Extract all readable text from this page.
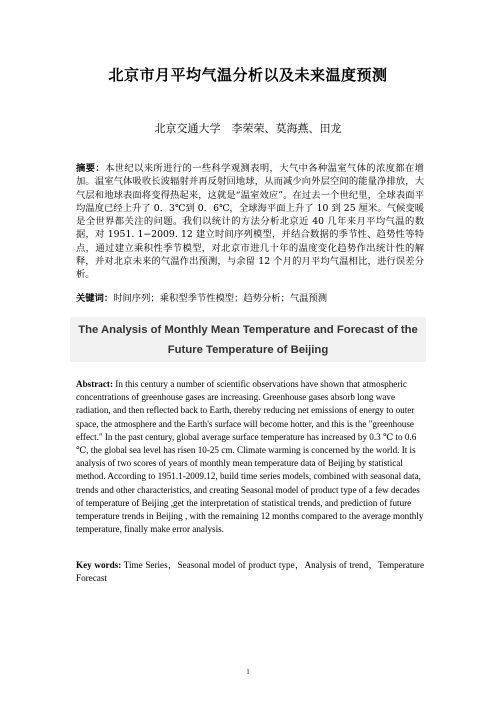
北京市月平均气温分析以及未来温度预测
北京交通大学　李荣荣、莫海燕、田龙
摘要：本世纪以来所进行的一些科学观测表明，大气中各种温室气体的浓度都在增加。温室气体吸收长波辐射并再反射回地球，从而减少向外层空间的能量净排放，大气层和地球表面将变得热起来，这就是“温室效应”。在过去一个世纪里，全球表面平均温度已经上升了 0．3℃到 0．6℃，全球海平面上升了 10 到 25 厘米。气候变暖是全世界都关注的问题。我们以统计的方法分析北京近 40 几年来月平均气温的数据，对 1951. 1−2009. 12 建立时间序列模型，并结合数据的季节性、趋势性等特点，通过建立乘积性季节模型，对北京市进几十年的温度变化趋势作出统计性的解释，并对北京未来的气温作出预测，与余留 12 个月的月平均气温相比，进行误差分析。
关键词：时间序列；乘积型季节性模型；趋势分析；气温预测
The Analysis of Monthly Mean Temperature and Forecast of the
Future Temperature of Beijing
Abstract: In this century a number of scientific observations have shown that atmospheric concentrations of greenhouse gases are increasing. Greenhouse gases absorb long wave radiation, and then reflected back to Earth, thereby reducing net emissions of energy to outer space, the atmosphere and the Earth's surface will become hotter, and this is the "greenhouse effect." In the past century, global average surface temperature has increased by 0.3 ℃ to 0.6 ℃, the global sea level has risen 10-25 cm. Climate warming is concerned by the world. It is analysis of two scores of years of monthly mean temperature data of Beijing by statistical method. According to 1951.1-2009.12, build time series models, combined with seasonal data, trends and other characteristics, and creating Seasonal model of product type of a few decades of temperature of Beijing ,get the interpretation of statistical trends, and prediction of future temperature trends in Beijing , with the remaining 12 months compared to the average monthly temperature, finally make error analysis.
Key words: Time Series，Seasonal model of product type，Analysis of trend，Temperature Forecast
1
